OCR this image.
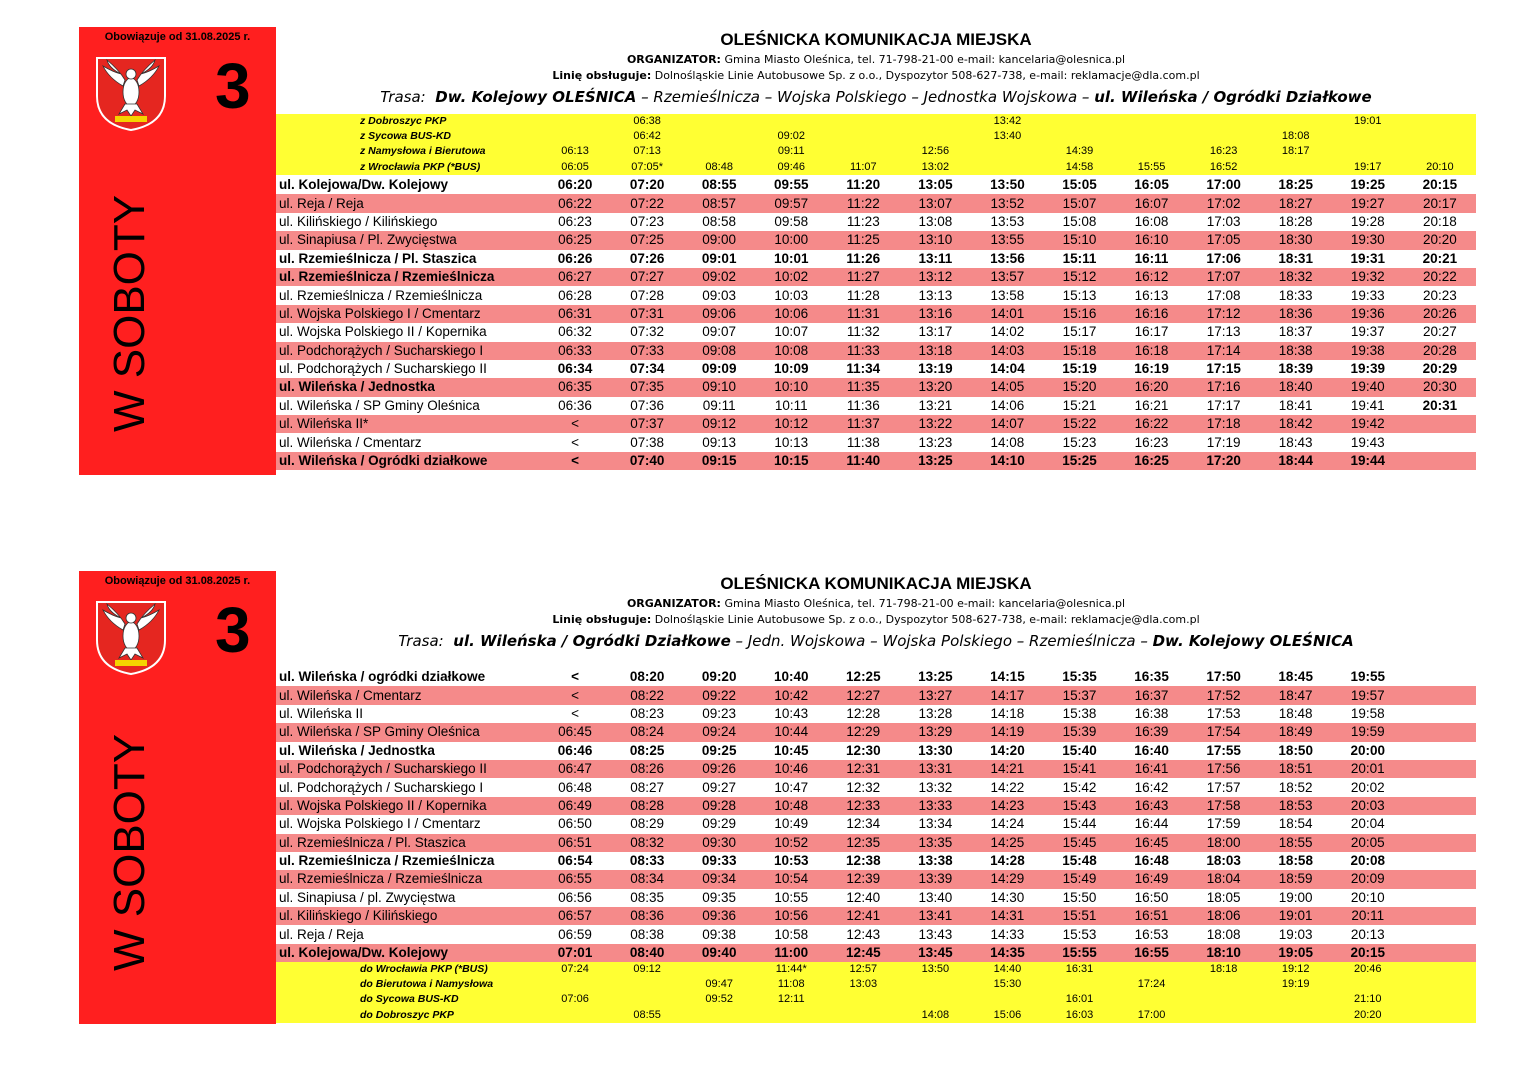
Obowiązuje od 31.08.2025 r.
3
W SOBOTY
OLEŚNICKA KOMUNIKACJA MIEJSKA
ORGANIZATOR: Gmina Miasto Oleśnica, tel. 71-798-21-00 e-mail: kancelaria@olesnica.pl
Linię obsługuje: Dolnośląskie Linie Autobusowe Sp. z o.o., Dyspozytor 508-627-738, e-mail: reklamacje@dla.com.pl
Trasa: Dw. Kolejowy OLEŚNICA – Rzemieślnicza – Wojska Polskiego – Jednostka Wojskowa – ul. Wileńska / Ogródki Działkowe
z Dobroszyc PKP		06:38					13:42					19:01	
z Sycowa BUS-KD		06:42		09:02			13:40				18:08		
z Namysłowa i Bierutowa	06:13	07:13		09:11		12:56		14:39		16:23	18:17		
z Wrocławia PKP (*BUS)	06:05	07:05*	08:48	09:46	11:07	13:02		14:58	15:55	16:52		19:17	20:10
ul. Kolejowa/Dw. Kolejowy	06:20	07:20	08:55	09:55	11:20	13:05	13:50	15:05	16:05	17:00	18:25	19:25	20:15
ul. Reja / Reja	06:22	07:22	08:57	09:57	11:22	13:07	13:52	15:07	16:07	17:02	18:27	19:27	20:17
ul. Kilińskiego / Kilińskiego	06:23	07:23	08:58	09:58	11:23	13:08	13:53	15:08	16:08	17:03	18:28	19:28	20:18
ul. Sinapiusa / Pl. Zwycięstwa	06:25	07:25	09:00	10:00	11:25	13:10	13:55	15:10	16:10	17:05	18:30	19:30	20:20
ul. Rzemieślnicza / Pl. Staszica	06:26	07:26	09:01	10:01	11:26	13:11	13:56	15:11	16:11	17:06	18:31	19:31	20:21
ul. Rzemieślnicza / Rzemieślnicza	06:27	07:27	09:02	10:02	11:27	13:12	13:57	15:12	16:12	17:07	18:32	19:32	20:22
ul. Rzemieślnicza / Rzemieślnicza	06:28	07:28	09:03	10:03	11:28	13:13	13:58	15:13	16:13	17:08	18:33	19:33	20:23
ul. Wojska Polskiego I / Cmentarz	06:31	07:31	09:06	10:06	11:31	13:16	14:01	15:16	16:16	17:12	18:36	19:36	20:26
ul. Wojska Polskiego II / Kopernika	06:32	07:32	09:07	10:07	11:32	13:17	14:02	15:17	16:17	17:13	18:37	19:37	20:27
ul. Podchorążych / Sucharskiego I	06:33	07:33	09:08	10:08	11:33	13:18	14:03	15:18	16:18	17:14	18:38	19:38	20:28
ul. Podchorążych / Sucharskiego II	06:34	07:34	09:09	10:09	11:34	13:19	14:04	15:19	16:19	17:15	18:39	19:39	20:29
ul. Wileńska / Jednostka	06:35	07:35	09:10	10:10	11:35	13:20	14:05	15:20	16:20	17:16	18:40	19:40	20:30
ul. Wileńska / SP Gminy Oleśnica	06:36	07:36	09:11	10:11	11:36	13:21	14:06	15:21	16:21	17:17	18:41	19:41	20:31
ul. Wileńska II*	<	07:37	09:12	10:12	11:37	13:22	14:07	15:22	16:22	17:18	18:42	19:42	
ul. Wileńska / Cmentarz	<	07:38	09:13	10:13	11:38	13:23	14:08	15:23	16:23	17:19	18:43	19:43	
ul. Wileńska / Ogródki działkowe	<	07:40	09:15	10:15	11:40	13:25	14:10	15:25	16:25	17:20	18:44	19:44	
Obowiązuje od 31.08.2025 r.
3
W SOBOTY
OLEŚNICKA KOMUNIKACJA MIEJSKA
ORGANIZATOR: Gmina Miasto Oleśnica, tel. 71-798-21-00 e-mail: kancelaria@olesnica.pl
Linię obsługuje: Dolnośląskie Linie Autobusowe Sp. z o.o., Dyspozytor 508-627-738, e-mail: reklamacje@dla.com.pl
Trasa: ul. Wileńska / Ogródki Działkowe – Jedn. Wojskowa – Wojska Polskiego – Rzemieślnicza – Dw. Kolejowy OLEŚNICA
ul. Wileńska / ogródki działkowe	<	08:20	09:20	10:40	12:25	13:25	14:15	15:35	16:35	17:50	18:45	19:55	
ul. Wileńska / Cmentarz	<	08:22	09:22	10:42	12:27	13:27	14:17	15:37	16:37	17:52	18:47	19:57	
ul. Wileńska II	<	08:23	09:23	10:43	12:28	13:28	14:18	15:38	16:38	17:53	18:48	19:58	
ul. Wileńska / SP Gminy Oleśnica	06:45	08:24	09:24	10:44	12:29	13:29	14:19	15:39	16:39	17:54	18:49	19:59	
ul. Wileńska / Jednostka	06:46	08:25	09:25	10:45	12:30	13:30	14:20	15:40	16:40	17:55	18:50	20:00	
ul. Podchorążych / Sucharskiego II	06:47	08:26	09:26	10:46	12:31	13:31	14:21	15:41	16:41	17:56	18:51	20:01	
ul. Podchorążych / Sucharskiego I	06:48	08:27	09:27	10:47	12:32	13:32	14:22	15:42	16:42	17:57	18:52	20:02	
ul. Wojska Polskiego II / Kopernika	06:49	08:28	09:28	10:48	12:33	13:33	14:23	15:43	16:43	17:58	18:53	20:03	
ul. Wojska Polskiego I / Cmentarz	06:50	08:29	09:29	10:49	12:34	13:34	14:24	15:44	16:44	17:59	18:54	20:04	
ul. Rzemieślnicza / Pl. Staszica	06:51	08:32	09:30	10:52	12:35	13:35	14:25	15:45	16:45	18:00	18:55	20:05	
ul. Rzemieślnicza / Rzemieślnicza	06:54	08:33	09:33	10:53	12:38	13:38	14:28	15:48	16:48	18:03	18:58	20:08	
ul. Rzemieślnicza / Rzemieślnicza	06:55	08:34	09:34	10:54	12:39	13:39	14:29	15:49	16:49	18:04	18:59	20:09	
ul. Sinapiusa / pl. Zwycięstwa	06:56	08:35	09:35	10:55	12:40	13:40	14:30	15:50	16:50	18:05	19:00	20:10	
ul. Kilińskiego / Kilińskiego	06:57	08:36	09:36	10:56	12:41	13:41	14:31	15:51	16:51	18:06	19:01	20:11	
ul. Reja / Reja	06:59	08:38	09:38	10:58	12:43	13:43	14:33	15:53	16:53	18:08	19:03	20:13	
ul. Kolejowa/Dw. Kolejowy	07:01	08:40	09:40	11:00	12:45	13:45	14:35	15:55	16:55	18:10	19:05	20:15	
do Wrocławia PKP (*BUS)	07:24	09:12		11:44*	12:57	13:50	14:40	16:31		18:18	19:12	20:46	
do Bierutowa i Namysłowa			09:47	11:08	13:03		15:30		17:24		19:19		
do Sycowa BUS-KD	07:06		09:52	12:11				16:01				21:10	
do Dobroszyc PKP		08:55				14:08	15:06	16:03	17:00			20:20	
